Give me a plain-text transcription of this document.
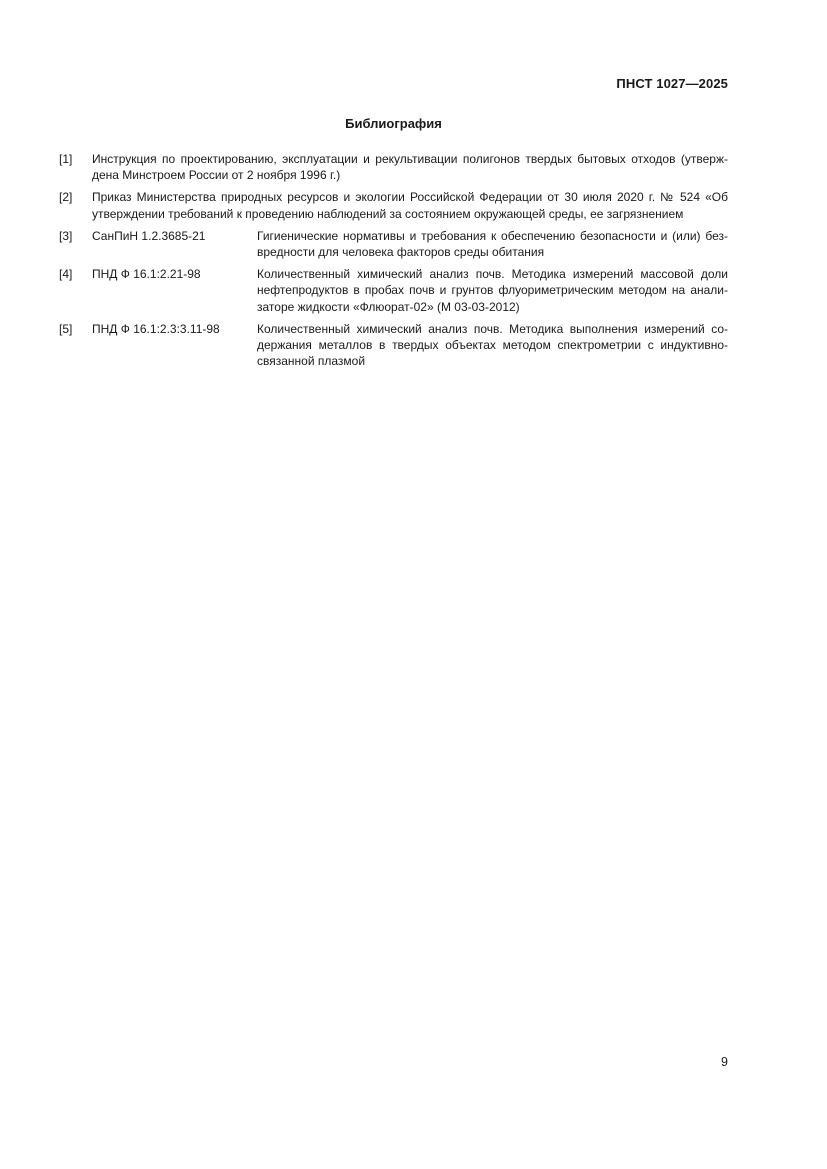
ПНСТ 1027—2025
Библиография
[1] Инструкция по проектированию, эксплуатации и рекультивации полигонов твердых бытовых отходов (утверждена Минстроем России от 2 ноября 1996 г.)
[2] Приказ Министерства природных ресурсов и экологии Российской Федерации от 30 июля 2020 г. № 524 «Об утверждении требований к проведению наблюдений за состоянием окружающей среды, ее загрязнением
[3] СанПиН 1.2.3685-21	Гигиенические нормативы и требования к обеспечению безопасности и (или) безвредности для человека факторов среды обитания
[4] ПНД Ф 16.1:2.21-98	Количественный химический анализ почв. Методика измерений массовой доли нефтепродуктов в пробах почв и грунтов флуориметрическим методом на анализаторе жидкости «Флюорат-02» (М 03-03-2012)
[5] ПНД Ф 16.1:2.3:3.11-98	Количественный химический анализ почв. Методика выполнения измерений содержания металлов в твердых объектах методом спектрометрии с индуктивно-связанной плазмой
9
